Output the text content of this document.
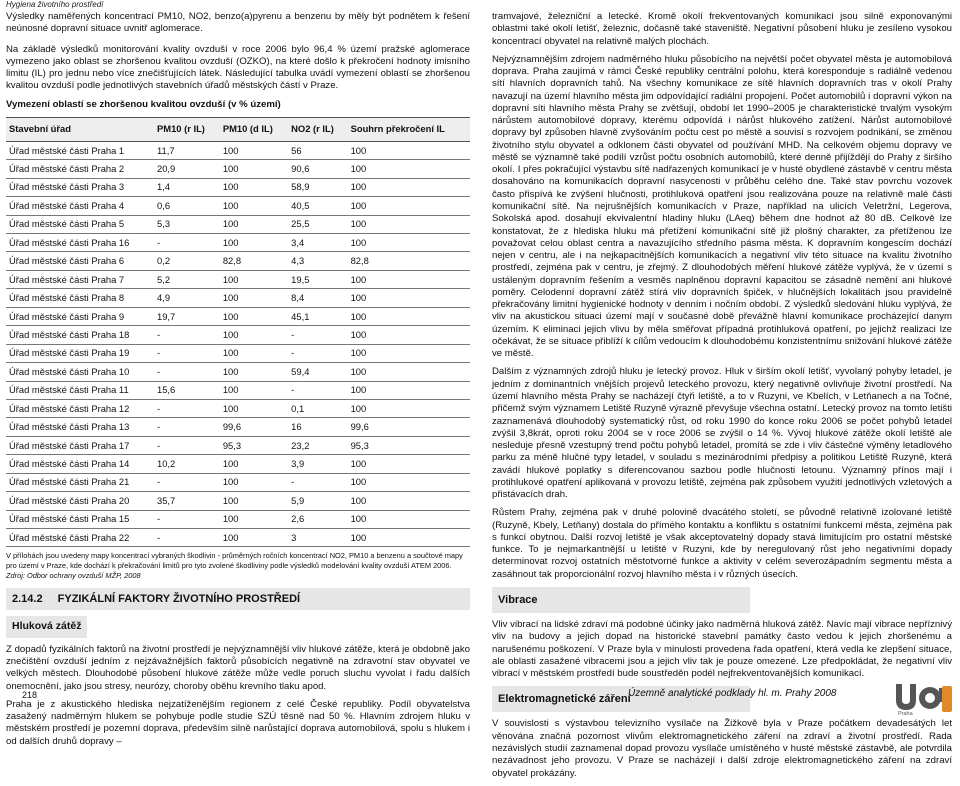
Hygiena životního prostředí

Výsledky naměřených koncentrací PM10, NO2, benzo(a)pyrenu a benzenu by měly být podnětem k řešení neúnosné dopravní situace uvnitř aglomerace.

Na základě výsledků monitorování kvality ovzduší v roce 2006 bylo 96,4 % území pražské aglomerace vymezeno jako oblast se zhoršenou kvalitou ovzduší (OZKO), na které došlo k překročení hodnoty imisního limitu (IL) pro jednu nebo více znečišťujících látek. Následující tabulka uvádí vymezení oblastí se zhoršenou kvalitou ovzduší podle jednotlivých stavebních úřadů městských částí v Praze.

Vymezení oblastí se zhoršenou kvalitou ovzduší (v % území)
Stavební úřad	PM10 (r IL)	PM10 (d IL)	NO2 (r IL)	Souhrn překročení IL
Úřad městské části Praha 1	11,7	100	56	100
Úřad městské části Praha 2	20,9	100	90,6	100
Úřad městské části Praha 3	1,4	100	58,9	100
Úřad městské části Praha 4	0,6	100	40,5	100
Úřad městské části Praha 5	5,3	100	25,5	100
Úřad městské části Praha 16	-	100	3,4	100
Úřad městské části Praha 6	0,2	82,8	4,3	82,8
Úřad městské části Praha 7	5,2	100	19,5	100
Úřad městské části Praha 8	4,9	100	8,4	100
Úřad městské části Praha 9	19,7	100	45,1	100
Úřad městské části Praha 18	-	100	-	100
Úřad městské části Praha 19	-	100	-	100
Úřad městské části Praha 10	-	100	59,4	100
Úřad městské části Praha 11	15,6	100	-	100
Úřad městské části Praha 12	-	100	0,1	100
Úřad městské části Praha 13	-	99,6	16	99,6
Úřad městské části Praha 17	-	95,3	23,2	95,3
Úřad městské části Praha 14	10,2	100	3,9	100
Úřad městské části Praha 21	-	100	-	100
Úřad městské části Praha 20	35,7	100	5,9	100
Úřad městské části Praha 15	-	100	2,6	100
Úřad městské části Praha 22	-	100	3	100
V přílohách jsou uvedeny mapy koncentrací vybraných škodlivin - průměrných ročních koncentrací NO2, PM10 a benzenu a součtové mapy pro území v Praze, kde dochází k překračování limitů pro tyto zvolené škodliviny podle výsledků modelování kvality ovzduší ATEM 2006.
Zdroj: Odbor ochrany ovzduší MŽP, 2008
2.14.2 FYZIKÁLNÍ FAKTORY ŽIVOTNÍHO PROSTŘEDÍ
Hluková zátěž

Z dopadů fyzikálních faktorů na životní prostředí je nejvýznamnější vliv hlukové zátěže, která je obdobně jako znečištění ovzduší jedním z nejzávažnějších faktorů působících negativně na zdravotní stav obyvatel ve velkých městech. Dlouhodobé působení hlukové zátěže může vedle poruch sluchu vyvolat i řadu dalších onemocnění, jako jsou stresy, neurózy, choroby oběhu krevního tlaku apod.

Praha je z akustického hlediska nejzatíženějším regionem z celé České republiky. Podíl obyvatelstva zasažený nadměrným hlukem se pohybuje podle studie SZÚ těsně nad 50 %. Hlavním zdrojem hluku v městském prostředí je pozemní doprava, především silně narůstající doprava automobilová, spolu s hlukem i od dalších druhů dopravy –

tramvajové, železniční a letecké. Kromě okolí frekventovaných komunikací jsou silně exponovanými oblastmi také okolí letišť, železnic, dočasně také staveniště. Negativní působení hluku je zesíleno vysokou koncentrací obyvatel na relativně malých plochách.

Nejvýznamnějším zdrojem nadměrného hluku působícího na největší počet obyvatel města je automobilová doprava. Praha zaujímá v rámci České republiky centrální polohu, která koresponduje s radiálně vedenou sítí hlavních dopravních tahů. Na všechny komunikace ze sítě hlavních dopravních tras v okolí Prahy navazují na území hlavního města jim odpovídající radiální propojení. Počet automobilů i dopravní výkon na dopravní síti hlavního města Prahy se zvětšují, období let 1990–2005 je charakteristické trvalým vysokým nárůstem automobilové dopravy, kterému odpovídá i nárůst hlukového zatížení. Nárůst automobilové dopravy byl způsoben hlavně zvyšováním počtu cest po městě a souvisí s rozvojem podnikání, se změnou životního stylu obyvatel a odklonem části obyvatel od používání MHD. Na celkovém objemu dopravy ve městě se významně také podílí vzrůst počtu osobních automobilů, které denně přijíždějí do Prahy z širšího okolí. I přes pokračující výstavbu sítě nadřazených komunikací je v husté obydlené zástavbě v centru města dosahováno na komunikacích dopravní nasycenosti v průběhu celého dne. Také stav povrchu vozovek často přispívá ke zvýšení hlučnosti, protihluková opatření jsou realizována pouze na relativně malé části komunikační sítě. Na nejrušnějších komunikacích v Praze, například na ulicích Veletržní, Legerova, Sokolská apod. dosahují ekvivalentní hladiny hluku (LAeq) během dne hodnot až 80 dB. Celkově lze konstatovat, že z hlediska hluku má přetížení komunikační sítě již plošný charakter, za přetíženou lze považovat celou oblast centra a navazujícího středního pásma města. K dopravním kongescím dochází nejen v centru, ale i na nejkapacitnějších komunikacích a negativní vliv této situace na kvalitu životního prostředí, zejména pak v centru, je zřejmý. Z dlouhodobých měření hlukové zátěže vyplývá, že v území s ustáleným dopravním řešením a vesměs naplněnou dopravní kapacitou se zásadně nemění ani hlukové poměry. Celodenní dopravní zátěž stírá vliv dopravních špiček, v hlučnějších lokalitách jsou pravidelně překračovány limitní hygienické hodnoty v denním i nočním období. Z výsledků sledování hluku vyplývá, že vliv na akustickou situaci území mají v současné době převážně hlavní komunikace procházející danym územím. K eliminaci jejich vlivu by měla směřovat případná protihluková opatření, po jejichž realizaci lze očekávat, že se situace přiblíží k cílům vedoucím k dlouhodobému konzistentnímu snižování hlukové zátěže ve městě.

Dalším z významných zdrojů hluku je letecký provoz. Hluk v širším okolí letišť, vyvolaný pohyby letadel, je jedním z dominantních vnějších projevů leteckého provozu, který negativně ovlivňuje životní prostředí. Na území hlavního města Prahy se nacházejí čtyři letiště, a to v Ruzyni, ve Kbelích, v Letňanech a na Točné, přičemž svým významem Letiště Ruzyně výrazně převyšuje všechna ostatní. Letecký provoz na tomto letišti zaznamenává dlouhodobý systematický růst, od roku 1990 do konce roku 2006 se počet pohybů letadel zvýšil 3,8krát, oproti roku 2004 se v roce 2006 se zvýšil o 14 %. Vývoj hlukové zátěže okolí letiště ale nesleduje přesně vzestupný trend počtu pohybů letadel, promítá se zde i vliv částečné výměny letadlového parku za méně hlučné typy letadel, v souladu s mezinárodními předpisy a politikou Letiště Ruzyně, která zavádí hlukové poplatky s diferencovanou sazbou podle hlučnosti letounu. Významný přínos mají i protihlukové opatření aplikovaná v provozu letiště, zejména pak způsobem využití jednotlivých vzletových a přistávacích drah.

Růstem Prahy, zejména pak v druhé polovině dvacátého století, se původně relativně izolované letiště (Ruzyně, Kbely, Letňany) dostala do přímého kontaktu a konfliktu s ostatními funkcemi města, zejména pak s funkcí obytnou. Další rozvoj letiště je však akceptovatelný dopady stavá limitujícím pro ostatní městské funkce. To je nejmarkantnější u letiště v Ruzyni, kde by neregulovaný růst jeho negativními dopady determinovat rozvoj ostatních městotvorné funkce a aktivity v celém severozápadním segmentu města a zasáhnout tak proporcionální rozvoj hlavního města i v různých úsecích.

Vibrace

Vliv vibrací na lidské zdraví má podobné účinky jako nadměrná hluková zátěž. Navíc mají vibrace nepříznivý vliv na budovy a jejich dopad na historické stavební památky často vedou k jejich zhoršenému a narušenému poškození. V Praze byla v minulosti provedena řada opatření, která vedla ke zlepšení situace, ale oblasti zasažené vibracemi jsou a jejich vliv tak je pouze omezené. Lze předpokládat, že negativní vliv vibrací v městském prostředí bude soustředěn podél nejfrekventovanějších komunikací.

Elektromagnetické záření

V souvislosti s výstavbou televizního vysílače na Žižkově byla v Praze počátkem devadesátých let věnována značná pozornost vlivům elektromagnetického záření na zdraví a životní prostředí. Rada nezávislých studií zaznamenal dopad provozu vysílače umístěného v husté městské zástavbě, ale potvrdila nezávadnost jeho provozu. V Praze se nacházejí i další zdroje elektromagnetického záření na zdraví obyvatel prokázány.

218	Územně analytické podklady hl. m. Prahy 2008
Praha
